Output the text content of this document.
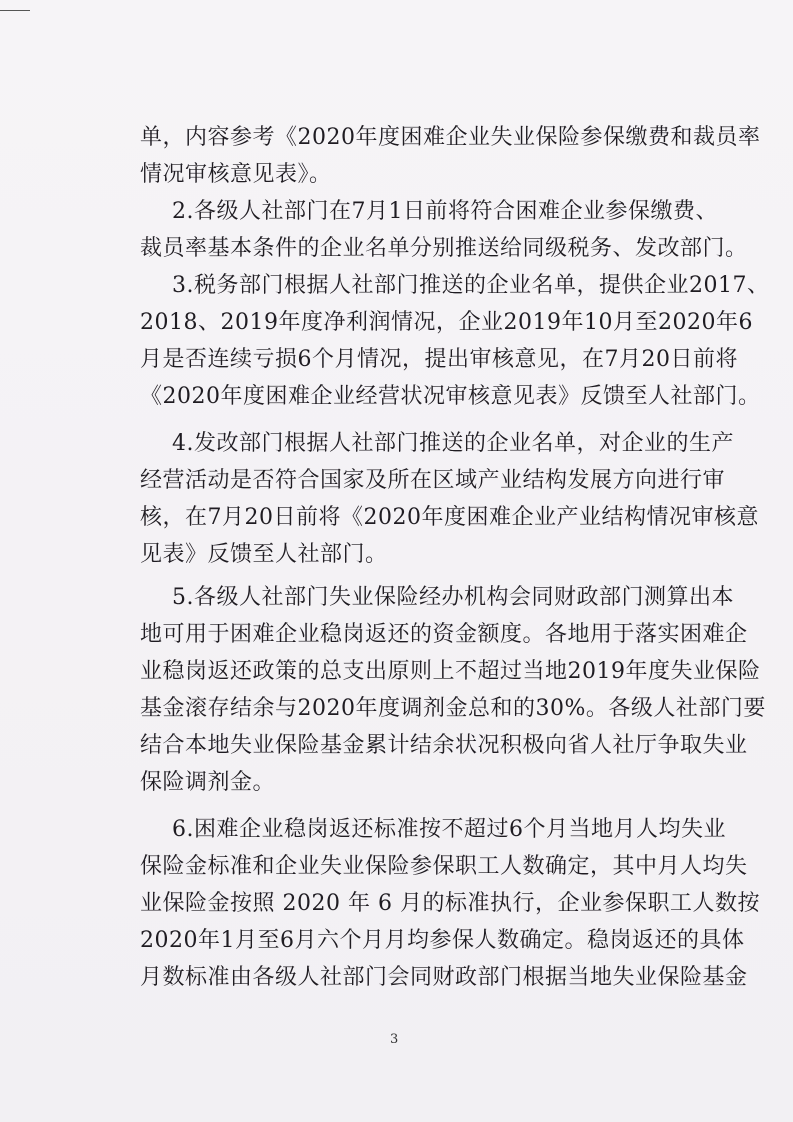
单，内容参考《2020年度困难企业失业保险参保缴费和裁员率
情况审核意见表》。
2.各级人社部门在7月1日前将符合困难企业参保缴费、
裁员率基本条件的企业名单分别推送给同级税务、发改部门。
3.税务部门根据人社部门推送的企业名单，提供企业2017、
2018、2019年度净利润情况，企业2019年10月至2020年6
月是否连续亏损6个月情况，提出审核意见，在7月20日前将
《2020年度困难企业经营状况审核意见表》反馈至人社部门。
4.发改部门根据人社部门推送的企业名单，对企业的生产
经营活动是否符合国家及所在区域产业结构发展方向进行审
核，在7月20日前将《2020年度困难企业产业结构情况审核意
见表》反馈至人社部门。
5.各级人社部门失业保险经办机构会同财政部门测算出本
地可用于困难企业稳岗返还的资金额度。各地用于落实困难企
业稳岗返还政策的总支出原则上不超过当地2019年度失业保险
基金滚存结余与2020年度调剂金总和的30%。各级人社部门要
结合本地失业保险基金累计结余状况积极向省人社厅争取失业
保险调剂金。
6.困难企业稳岗返还标准按不超过6个月当地月人均失业
保险金标准和企业失业保险参保职工人数确定，其中月人均失
业保险金按照 2020 年 6 月的标准执行，企业参保职工人数按
2020年1月至6月六个月月均参保人数确定。稳岗返还的具体
月数标准由各级人社部门会同财政部门根据当地失业保险基金
3
